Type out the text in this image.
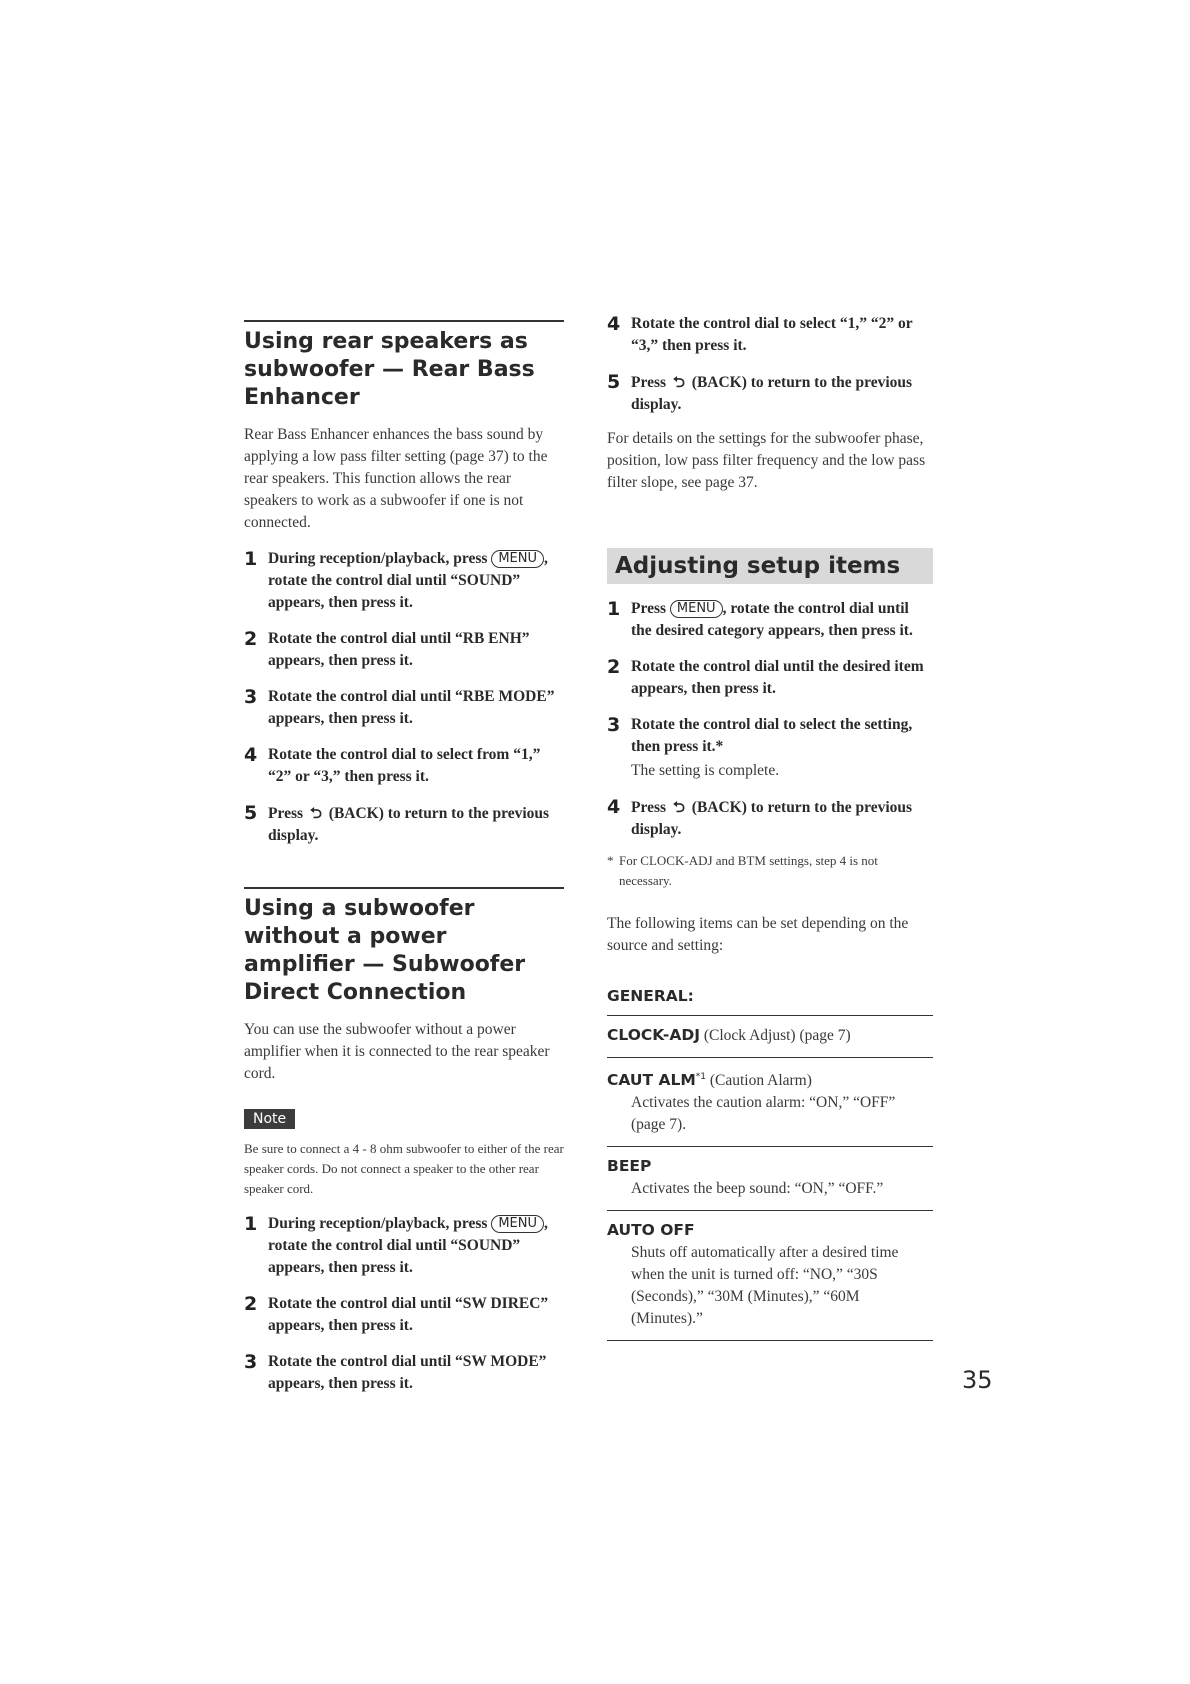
Using rear speakers as subwoofer — Rear Bass Enhancer
Rear Bass Enhancer enhances the bass sound by applying a low pass filter setting (page 37) to the rear speakers. This function allows the rear speakers to work as a subwoofer if one is not connected.
1 During reception/playback, press MENU , rotate the control dial until “SOUND” appears, then press it.
2 Rotate the control dial until “RB ENH” appears, then press it.
3 Rotate the control dial until “RBE MODE” appears, then press it.
4 Rotate the control dial to select from “1,” “2” or “3,” then press it.
5 Press ⮌ (BACK) to return to the previous display.
Using a subwoofer without a power amplifier — Subwoofer Direct Connection
You can use the subwoofer without a power amplifier when it is connected to the rear speaker cord.
Note
Be sure to connect a 4 - 8 ohm subwoofer to either of the rear speaker cords. Do not connect a speaker to the other rear speaker cord.
1 During reception/playback, press MENU , rotate the control dial until “SOUND” appears, then press it.
2 Rotate the control dial until “SW DIREC” appears, then press it.
3 Rotate the control dial until “SW MODE” appears, then press it.
4 Rotate the control dial to select “1,” “2” or “3,” then press it.
5 Press ⮌ (BACK) to return to the previous display.
For details on the settings for the subwoofer phase, position, low pass filter frequency and the low pass filter slope, see page 37.
Adjusting setup items
1 Press MENU , rotate the control dial until the desired category appears, then press it.
2 Rotate the control dial until the desired item appears, then press it.
3 Rotate the control dial to select the setting, then press it.*
The setting is complete.
4 Press ⮌ (BACK) to return to the previous display.
* For CLOCK-ADJ and BTM settings, step 4 is not necessary.
The following items can be set depending on the source and setting:
GENERAL:
CLOCK-ADJ (Clock Adjust) (page 7)
CAUT ALM$^{*1}$ (Caution Alarm)
Activates the caution alarm: “ON,” “OFF” (page 7).
BEEP
Activates the beep sound: “ON,” “OFF.”
AUTO OFF
Shuts off automatically after a desired time when the unit is turned off: “NO,” “30S (Seconds),” “30M (Minutes),” “60M (Minutes).”
35
